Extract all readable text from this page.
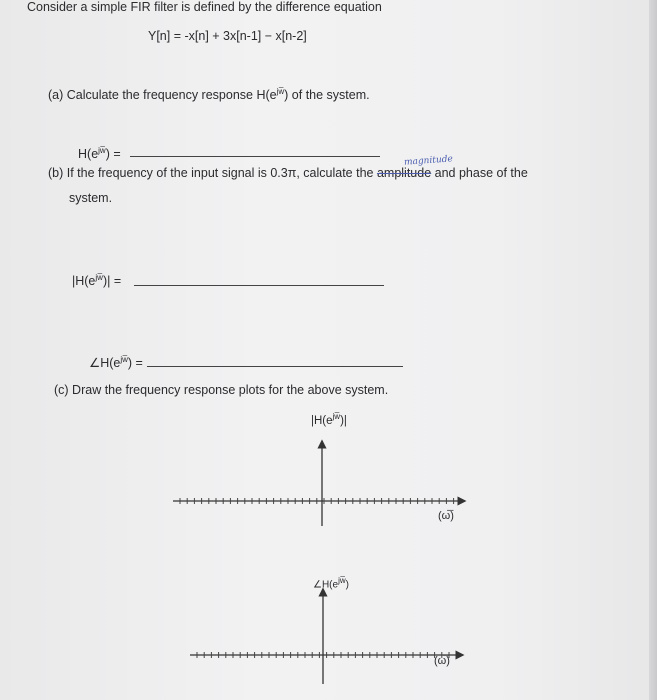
Consider a simple FIR filter is defined by the difference equation
Y[n] = -x[n] + 3x[n-1] − x[n-2]
(a) Calculate the frequency response $H(e^{jw̅})$ of the system.
$H(e^{jw̅})$ =	magnitude
(b) If the frequency of the input signal is 0.3π, calculate the amplitude and phase of the
system.
$|H(e^{jw̅})|$ =
$\angle H(e^{jw̅})$ =
(c) Draw the frequency response plots for the above system.
$|H(e^{jw̅})|$
(ω̅)
$\angle H(e^{jw̅})$
(ω̅)
